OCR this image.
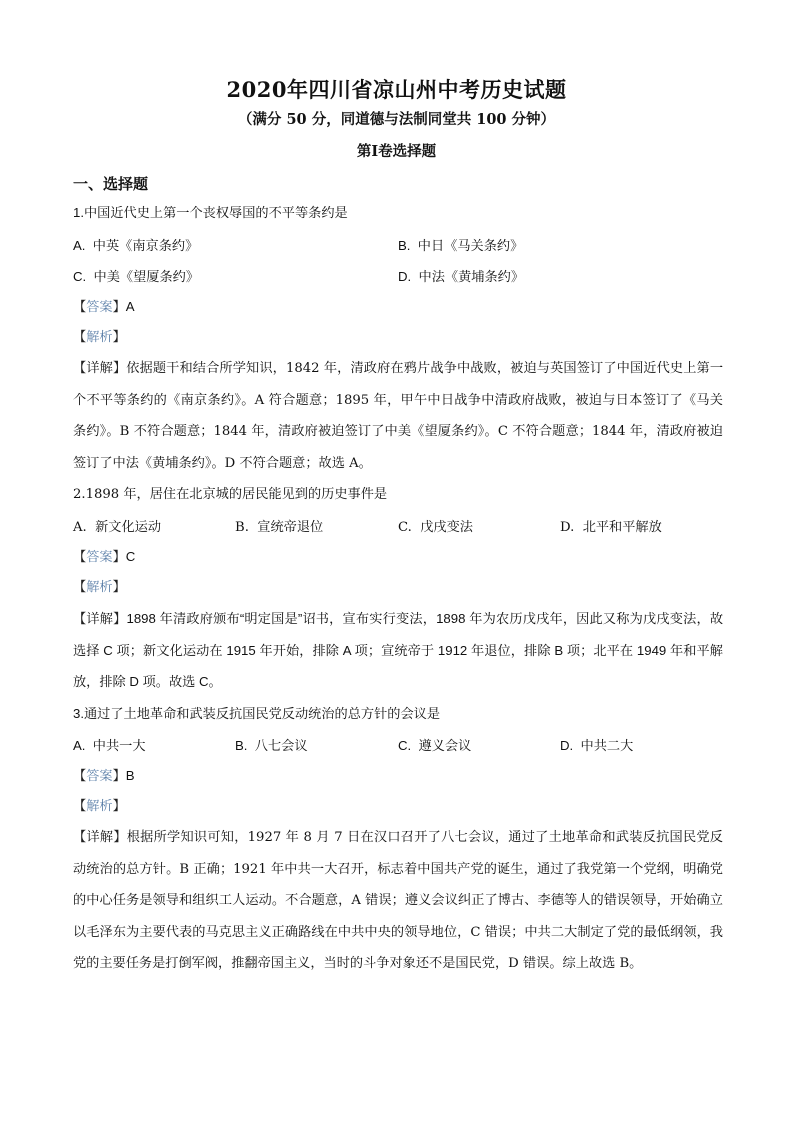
2020年四川省凉山州中考历史试题
（满分 50 分，同道德与法制同堂共 100 分钟）
第Ⅰ卷选择题
一、选择题
1.中国近代史上第一个丧权辱国的不平等条约是
A. 中英《南京条约》	B. 中日《马关条约》
C. 中美《望厦条约》	D. 中法《黄埔条约》
【答案】A
【解析】
【详解】依据题干和结合所学知识，1842 年，清政府在鸦片战争中战败，被迫与英国签订了中国近代史上第一个不平等条约的《南京条约》。A 符合题意；1895 年，甲午中日战争中清政府战败，被迫与日本签订了《马关条约》。B 不符合题意；1844 年，清政府被迫签订了中美《望厦条约》。C 不符合题意；1844 年，清政府被迫签订了中法《黄埔条约》。D 不符合题意；故选 A。
2.1898 年，居住在北京城的居民能见到的历史事件是
A. 新文化运动	B. 宣统帝退位	C. 戊戌变法	D. 北平和平解放
【答案】C
【解析】
【详解】1898 年清政府颁布“明定国是”诏书，宣布实行变法，1898 年为农历戊戌年，因此又称为戊戌变法，故选择 C 项；新文化运动在 1915 年开始，排除 A 项；宣统帝于 1912 年退位，排除 B 项；北平在 1949 年和平解放，排除 D 项。故选 C。
3.通过了土地革命和武装反抗国民党反动统治的总方针的会议是
A. 中共一大	B. 八七会议	C. 遵义会议	D. 中共二大
【答案】B
【解析】
【详解】根据所学知识可知，1927 年 8 月 7 日在汉口召开了八七会议，通过了土地革命和武装反抗国民党反动统治的总方针。B 正确；1921 年中共一大召开，标志着中国共产党的诞生，通过了我党第一个党纲，明确党的中心任务是领导和组织工人运动。不合题意，A 错误；遵义会议纠正了博古、李德等人的错误领导，开始确立以毛泽东为主要代表的马克思主义正确路线在中共中央的领导地位，C 错误；中共二大制定了党的最低纲领，我党的主要任务是打倒军阀，推翻帝国主义，当时的斗争对象还不是国民党，D 错误。综上故选 B。
